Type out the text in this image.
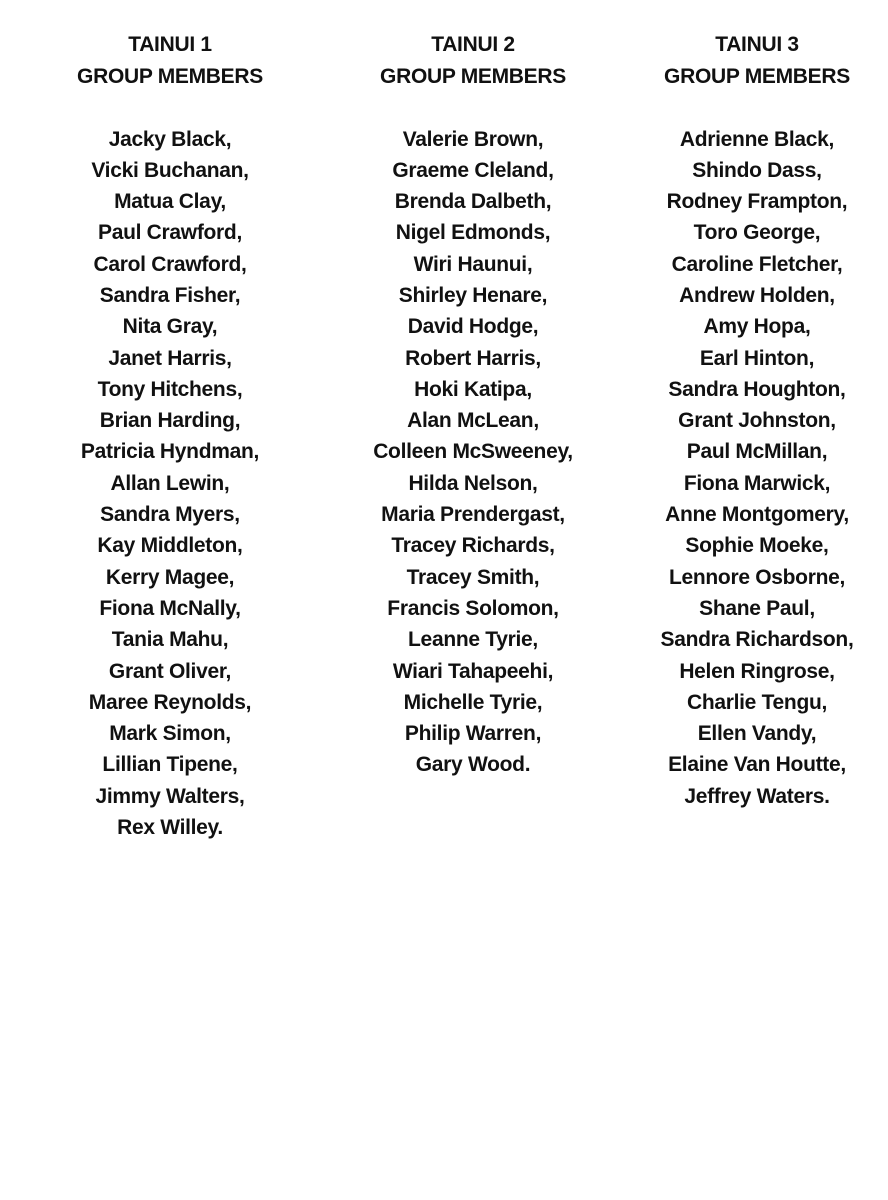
TAINUI 1
GROUP MEMBERS
Jacky Black,
Vicki Buchanan,
Matua Clay,
Paul Crawford,
Carol Crawford,
Sandra Fisher,
Nita Gray,
Janet Harris,
Tony Hitchens,
Brian Harding,
Patricia Hyndman,
Allan Lewin,
Sandra Myers,
Kay Middleton,
Kerry Magee,
Fiona McNally,
Tania Mahu,
Grant Oliver,
Maree Reynolds,
Mark Simon,
Lillian Tipene,
Jimmy Walters,
Rex Willey.
TAINUI 2
GROUP MEMBERS
Valerie Brown,
Graeme Cleland,
Brenda Dalbeth,
Nigel Edmonds,
Wiri Haunui,
Shirley Henare,
David Hodge,
Robert Harris,
Hoki Katipa,
Alan McLean,
Colleen McSweeney,
Hilda Nelson,
Maria Prendergast,
Tracey Richards,
Tracey Smith,
Francis Solomon,
Leanne Tyrie,
Wiari Tahapeehi,
Michelle Tyrie,
Philip Warren,
Gary Wood.
TAINUI 3
GROUP MEMBERS
Adrienne Black,
Shindo Dass,
Rodney Frampton,
Toro George,
Caroline Fletcher,
Andrew Holden,
Amy Hopa,
Earl Hinton,
Sandra Houghton,
Grant Johnston,
Paul McMillan,
Fiona Marwick,
Anne Montgomery,
Sophie Moeke,
Lennore Osborne,
Shane Paul,
Sandra Richardson,
Helen Ringrose,
Charlie Tengu,
Ellen Vandy,
Elaine Van Houtte,
Jeffrey Waters.
